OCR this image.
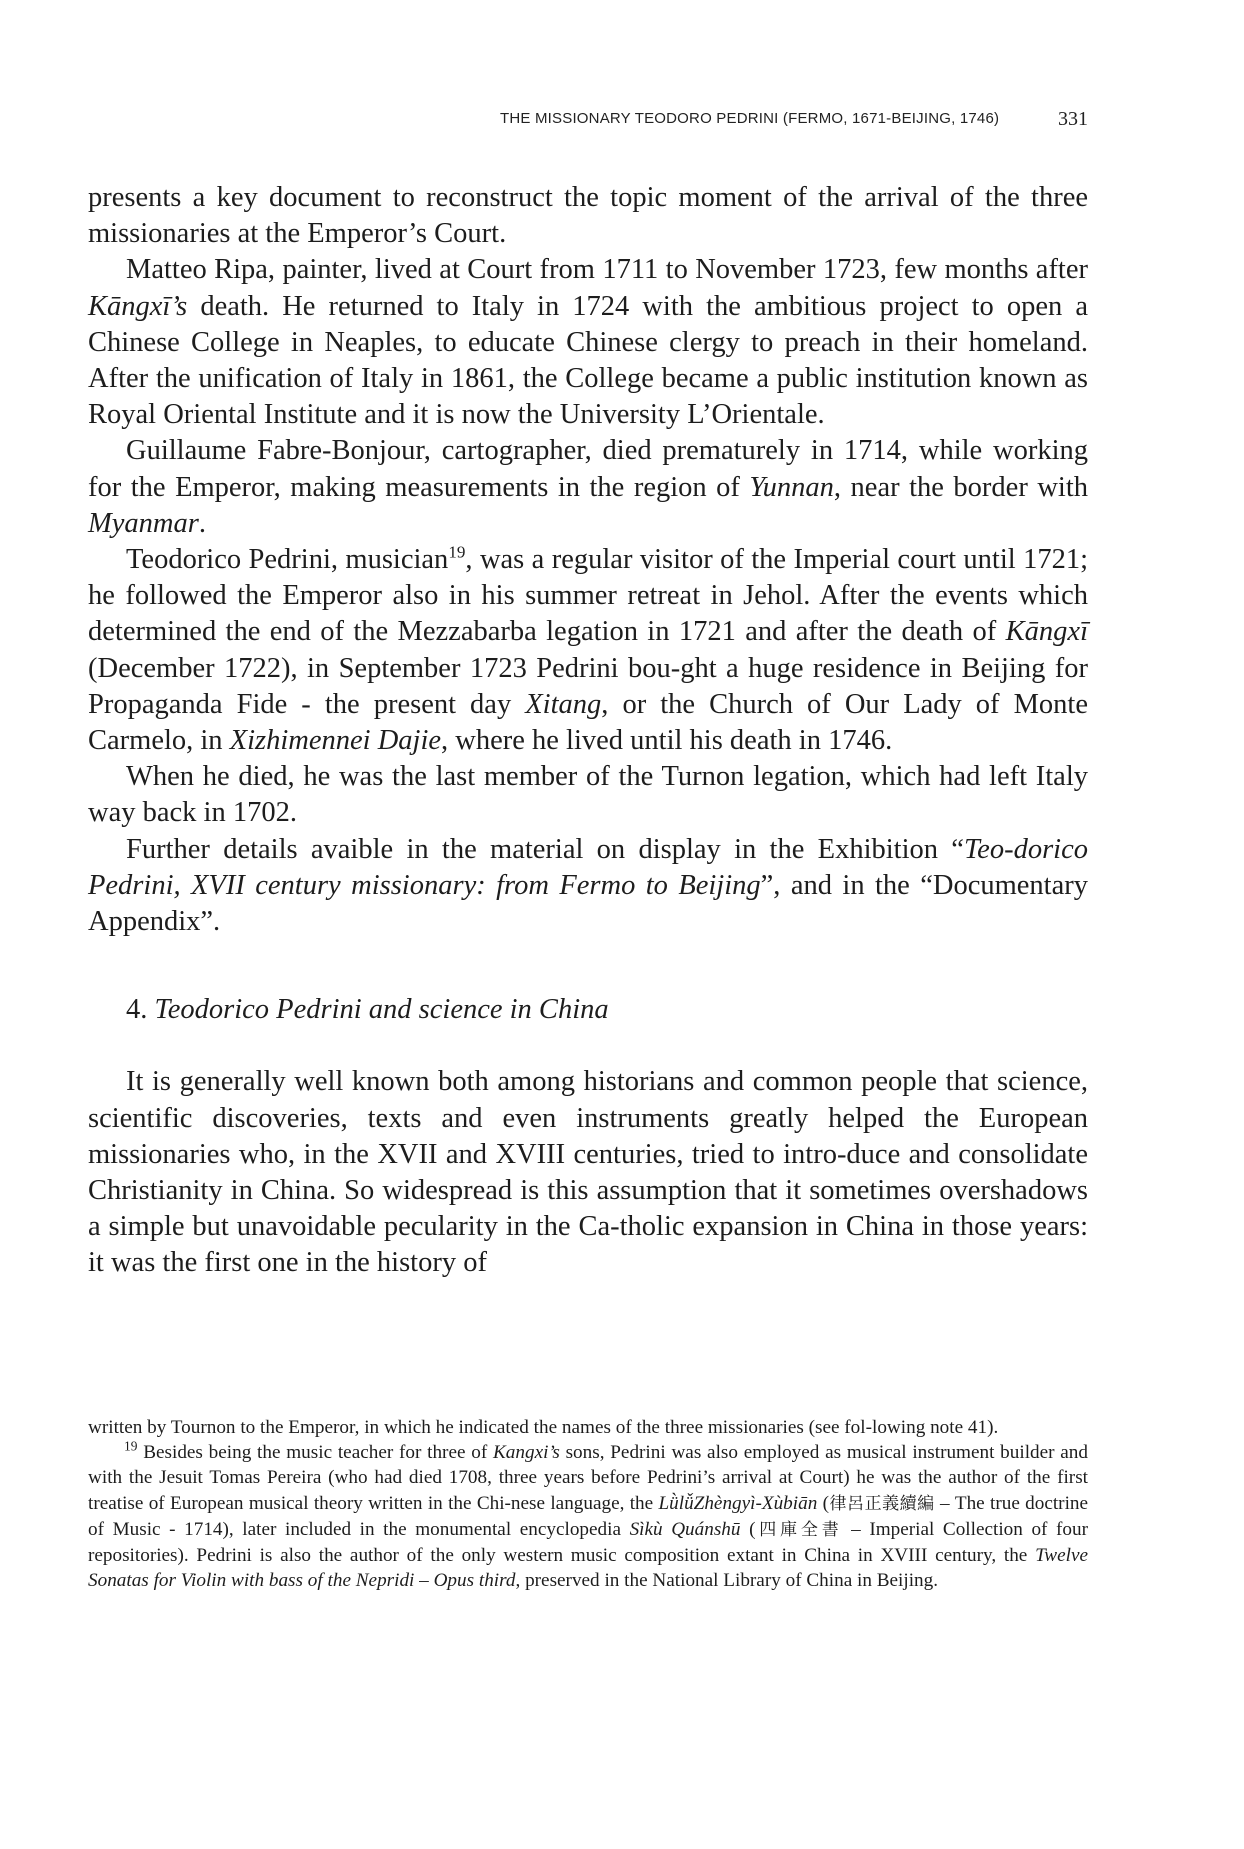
THE MISSIONARY TEODORO PEDRINI (FERMO, 1671-BEIJING, 1746)	331

presents a key document to reconstruct the topic moment of the arrival of the three missionaries at the Emperor’s Court.

Matteo Ripa, painter, lived at Court from 1711 to November 1723, few months after Kāngxī’s death. He returned to Italy in 1724 with the ambitious project to open a Chinese College in Neaples, to educate Chinese clergy to preach in their homeland. After the unification of Italy in 1861, the College became a public institution known as Royal Oriental Institute and it is now the University L’Orientale.

Guillaume Fabre-Bonjour, cartographer, died prematurely in 1714, while working for the Emperor, making measurements in the region of Yunnan, near the border with Myanmar.

Teodorico Pedrini, musician$^{19}$, was a regular visitor of the Imperial court until 1721; he followed the Emperor also in his summer retreat in Jehol. After the events which determined the end of the Mezzabarba legation in 1721 and after the death of Kāngxī (December 1722), in September 1723 Pedrini bou-ght a huge residence in Beijing for Propaganda Fide - the present day Xitang, or the Church of Our Lady of Monte Carmelo, in Xizhimennei Dajie, where he lived until his death in 1746.

When he died, he was the last member of the Turnon legation, which had left Italy way back in 1702.

Further details avaible in the material on display in the Exhibition “Teo-dorico Pedrini, XVII century missionary: from Fermo to Beijing”, and in the “Documentary Appendix”.

4. Teodorico Pedrini and science in China

It is generally well known both among historians and common people that science, scientific discoveries, texts and even instruments greatly helped the European missionaries who, in the XVII and XVIII centuries, tried to intro-duce and consolidate Christianity in China. So widespread is this assumption that it sometimes overshadows a simple but unavoidable pecularity in the Ca-tholic expansion in China in those years: it was the first one in the history of

written by Tournon to the Emperor, in which he indicated the names of the three missionaries (see fol-lowing note 41).

$^{19}$ Besides being the music teacher for three of Kangxi’s sons, Pedrini was also employed as musical instrument builder and with the Jesuit Tomas Pereira (who had died 1708, three years before Pedrini’s arrival at Court) he was the author of the first treatise of European musical theory written in the Chi-nese language, the LǜlǚZhèngyì-Xùbiān (律呂正義續編 – The true doctrine of Music - 1714), later included in the monumental encyclopedia Sìkù Quánshū (四庫全書 – Imperial Collection of four repositories). Pedrini is also the author of the only western music composition extant in China in XVIII century, the Twelve Sonatas for Violin with bass of the Nepridi – Opus third, preserved in the National Library of China in Beijing.
